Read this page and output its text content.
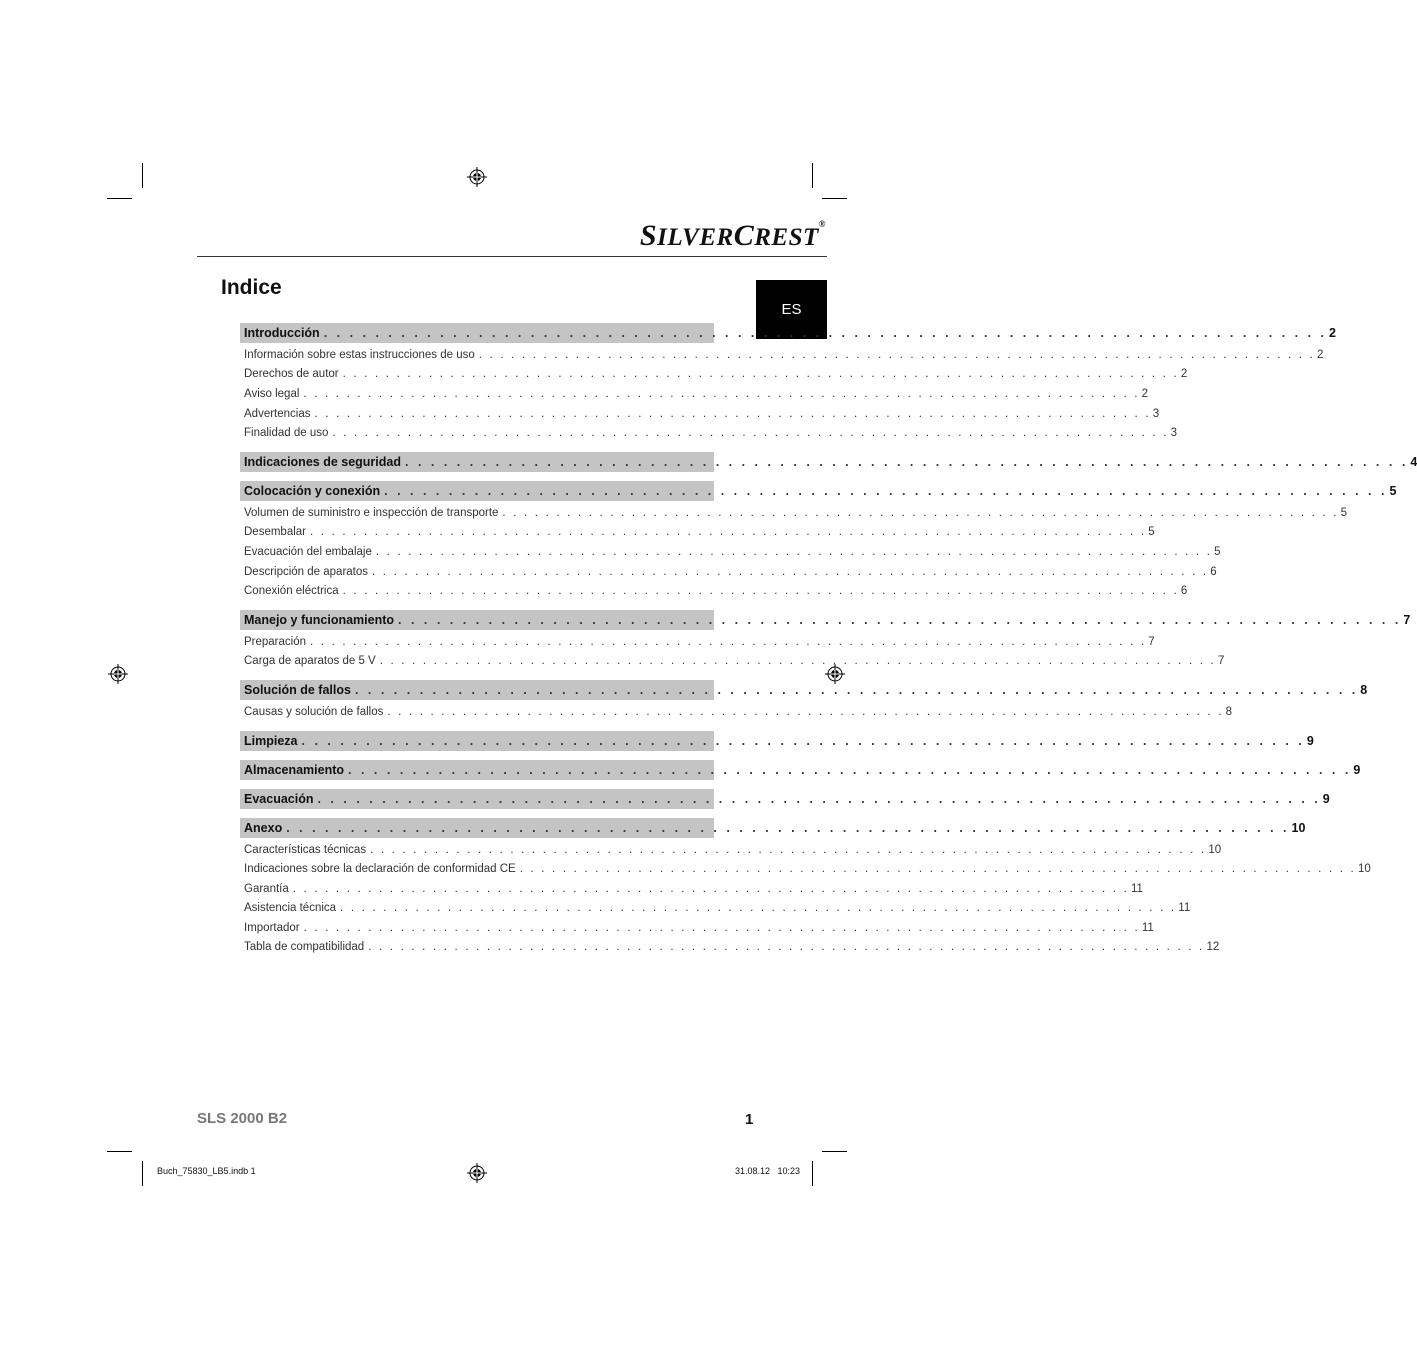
SILVERCREST®
Indice
ES
Introducción . . . . . . . . . . . . . . . . . . . . . . . . . . . . . . . . . . . . . . . . . . . . . . . . . . . . . . . . . . . . . . . . . . . . . . . . . . . . . . 2
Información sobre estas instrucciones de uso . . . . . . . . . . . . . . . . . . . . . . . . . . . . . . . . . . . . . . . . . . . . . . . . . . . . . . . . . . . . . . . . . . . . . . . . . . . . . . 2
Derechos de autor . . . . . . . . . . . . . . . . . . . . . . . . . . . . . . . . . . . . . . . . . . . . . . . . . . . . . . . . . . . . . . . . . . . . . . . . . . . . . . 2
Aviso legal . . . . . . . . . . . . . . . . . . . . . . . . . . . . . . . . . . . . . . . . . . . . . . . . . . . . . . . . . . . . . . . . . . . . . . . . . . . . . . 2
Advertencias . . . . . . . . . . . . . . . . . . . . . . . . . . . . . . . . . . . . . . . . . . . . . . . . . . . . . . . . . . . . . . . . . . . . . . . . . . . . . . 3
Finalidad de uso . . . . . . . . . . . . . . . . . . . . . . . . . . . . . . . . . . . . . . . . . . . . . . . . . . . . . . . . . . . . . . . . . . . . . . . . . . . . . . 3
Indicaciones de seguridad . . . . . . . . . . . . . . . . . . . . . . . . . . . . . . . . . . . . . . . . . . . . . . . . . . . . . . . . . . . . . . . . . . . . . . . . . . . . . . 4
Colocación y conexión . . . . . . . . . . . . . . . . . . . . . . . . . . . . . . . . . . . . . . . . . . . . . . . . . . . . . . . . . . . . . . . . . . . . . . . . . . . . . . 5
Volumen de suministro e inspección de transporte . . . . . . . . . . . . . . . . . . . . . . . . . . . . . . . . . . . . . . . . . . . . . . . . . . . . . . . . . . . . . . . . . . . . . . . . . . . . . . 5
Desembalar . . . . . . . . . . . . . . . . . . . . . . . . . . . . . . . . . . . . . . . . . . . . . . . . . . . . . . . . . . . . . . . . . . . . . . . . . . . . . . 5
Evacuación del embalaje . . . . . . . . . . . . . . . . . . . . . . . . . . . . . . . . . . . . . . . . . . . . . . . . . . . . . . . . . . . . . . . . . . . . . . . . . . . . . . 5
Descripción de aparatos . . . . . . . . . . . . . . . . . . . . . . . . . . . . . . . . . . . . . . . . . . . . . . . . . . . . . . . . . . . . . . . . . . . . . . . . . . . . . . 6
Conexión eléctrica . . . . . . . . . . . . . . . . . . . . . . . . . . . . . . . . . . . . . . . . . . . . . . . . . . . . . . . . . . . . . . . . . . . . . . . . . . . . . . 6
Manejo y funcionamiento . . . . . . . . . . . . . . . . . . . . . . . . . . . . . . . . . . . . . . . . . . . . . . . . . . . . . . . . . . . . . . . . . . . . . . . . . . . . . . 7
Preparación . . . . . . . . . . . . . . . . . . . . . . . . . . . . . . . . . . . . . . . . . . . . . . . . . . . . . . . . . . . . . . . . . . . . . . . . . . . . . . 7
Carga de aparatos de 5 V . . . . . . . . . . . . . . . . . . . . . . . . . . . . . . . . . . . . . . . . . . . . . . . . . . . . . . . . . . . . . . . . . . . . . . . . . . . . . . 7
Solución de fallos . . . . . . . . . . . . . . . . . . . . . . . . . . . . . . . . . . . . . . . . . . . . . . . . . . . . . . . . . . . . . . . . . . . . . . . . . . . . . . 8
Causas y solución de fallos . . . . . . . . . . . . . . . . . . . . . . . . . . . . . . . . . . . . . . . . . . . . . . . . . . . . . . . . . . . . . . . . . . . . . . . . . . . . . . 8
Limpieza . . . . . . . . . . . . . . . . . . . . . . . . . . . . . . . . . . . . . . . . . . . . . . . . . . . . . . . . . . . . . . . . . . . . . . . . . . . . . . 9
Almacenamiento . . . . . . . . . . . . . . . . . . . . . . . . . . . . . . . . . . . . . . . . . . . . . . . . . . . . . . . . . . . . . . . . . . . . . . . . . . . . . . 9
Evacuación . . . . . . . . . . . . . . . . . . . . . . . . . . . . . . . . . . . . . . . . . . . . . . . . . . . . . . . . . . . . . . . . . . . . . . . . . . . . . . 9
Anexo . . . . . . . . . . . . . . . . . . . . . . . . . . . . . . . . . . . . . . . . . . . . . . . . . . . . . . . . . . . . . . . . . . . . . . . . . . . . . . 10
Características técnicas . . . . . . . . . . . . . . . . . . . . . . . . . . . . . . . . . . . . . . . . . . . . . . . . . . . . . . . . . . . . . . . . . . . . . . . . . . . . . . 10
Indicaciones sobre la declaración de conformidad CE . . . . . . . . . . . . . . . . . . . . . . . . . . . . . . . . . . . . . . . . . . . . . . . . . . . . . . . . . . . . . . . . . . . . . . . . . . . . . . 10
Garantía . . . . . . . . . . . . . . . . . . . . . . . . . . . . . . . . . . . . . . . . . . . . . . . . . . . . . . . . . . . . . . . . . . . . . . . . . . . . . . 11
Asistencia técnica . . . . . . . . . . . . . . . . . . . . . . . . . . . . . . . . . . . . . . . . . . . . . . . . . . . . . . . . . . . . . . . . . . . . . . . . . . . . . . 11
Importador . . . . . . . . . . . . . . . . . . . . . . . . . . . . . . . . . . . . . . . . . . . . . . . . . . . . . . . . . . . . . . . . . . . . . . . . . . . . . . 11
Tabla de compatibilidad . . . . . . . . . . . . . . . . . . . . . . . . . . . . . . . . . . . . . . . . . . . . . . . . . . . . . . . . . . . . . . . . . . . . . . . . . . . . . . 12
SLS 2000 B2	1
Buch_75830_LB5.indb 1	31.08.12   10:23
